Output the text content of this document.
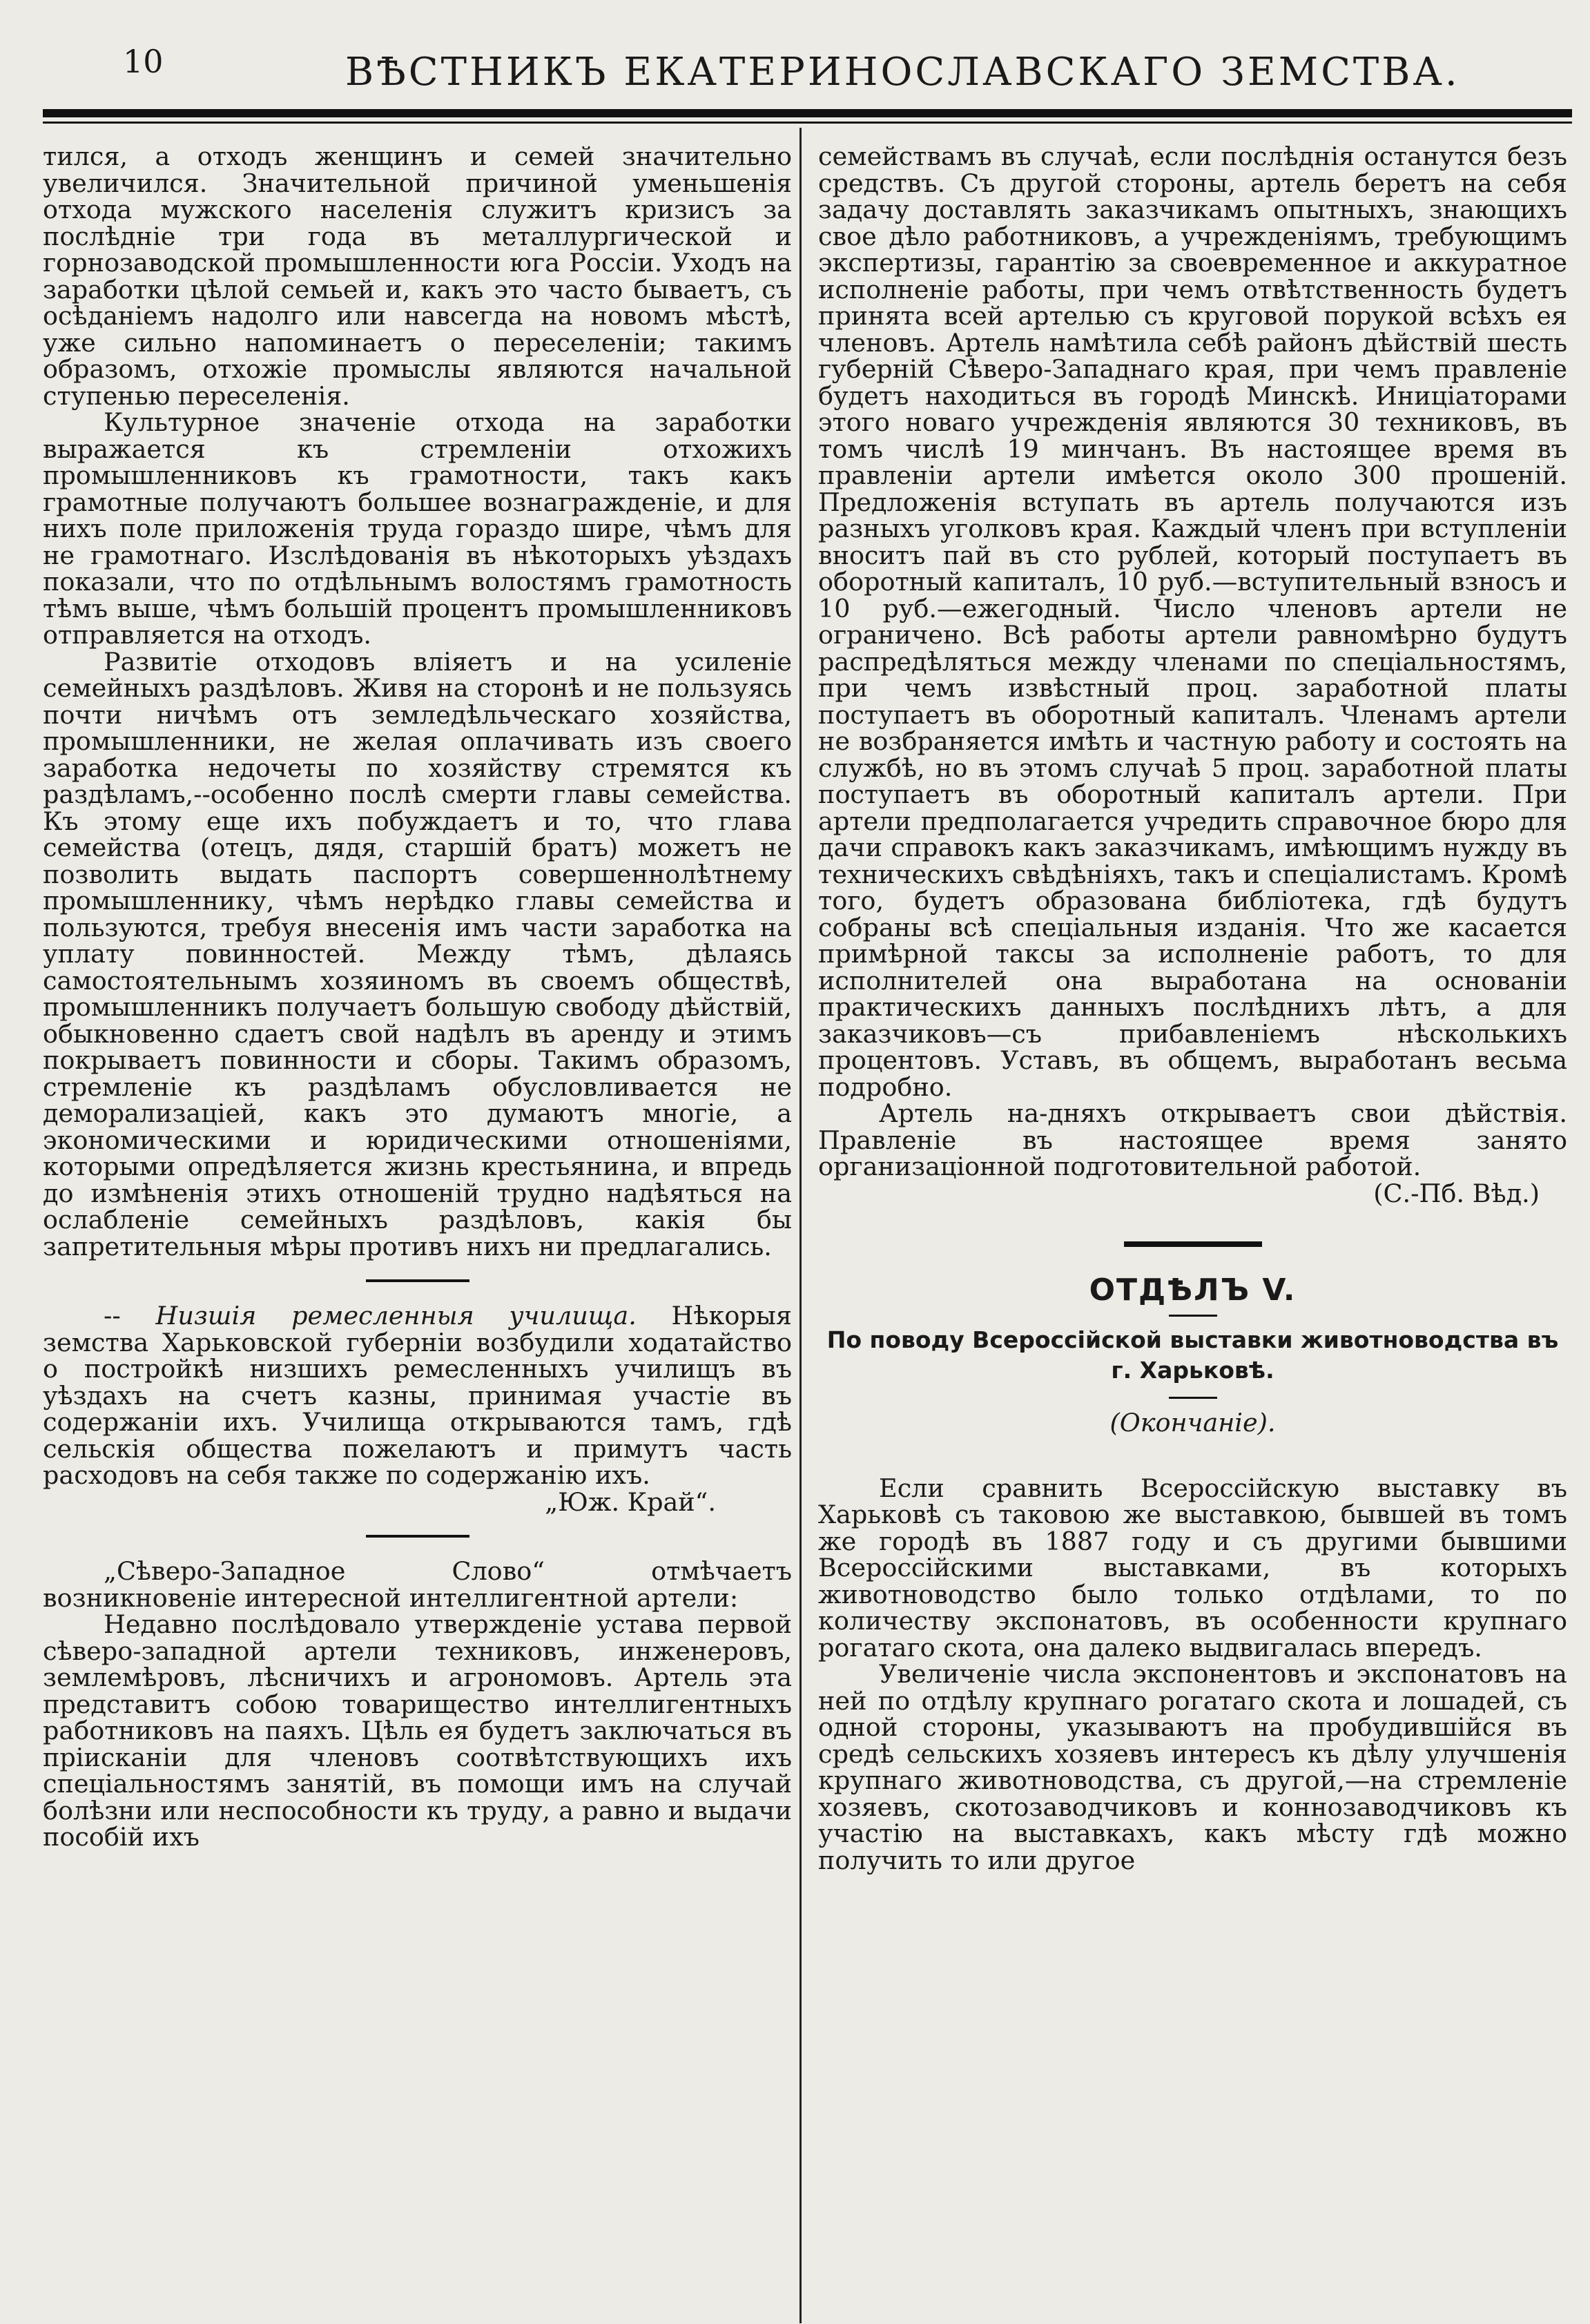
10	ВѢСТНИКЪ ЕКАТЕРИНОСЛАВСКАГО ЗЕМСТВА.

тился, а отходъ женщинъ и семей значительно увеличился. Значительной причиной уменьшенія отхода мужского населенія служитъ кризисъ за послѣдніе три года въ металлургической и горнозаводской промышленности юга Россіи. Уходъ на заработки цѣлой семьей и, какъ это часто бываетъ, съ осѣданіемъ надолго или навсегда на новомъ мѣстѣ, уже сильно напоминаетъ о переселеніи; такимъ образомъ, отхожіе промыслы являются начальной ступенью переселенія.

Культурное значеніе отхода на заработки выражается къ стремленіи отхожихъ промышленниковъ къ грамотности, такъ какъ грамотные получаютъ большее вознагражденіе, и для нихъ поле приложенія труда гораздо шире, чѣмъ для не грамотнаго. Изслѣдованія въ нѣкоторыхъ уѣздахъ показали, что по отдѣльнымъ волостямъ грамотность тѣмъ выше, чѣмъ большій процентъ промышленниковъ отправляется на отходъ.

Развитіе отходовъ вліяетъ и на усиленіе семейныхъ раздѣловъ. Живя на сторонѣ и не пользуясь почти ничѣмъ отъ земледѣльческаго хозяйства, промышленники, не желая оплачивать изъ своего заработка недочеты по хозяйству стремятся къ раздѣламъ,--особенно послѣ смерти главы семейства. Къ этому еще ихъ побуждаетъ и то, что глава семейства (отецъ, дядя, старшій братъ) можетъ не позволить выдать паспортъ совершеннолѣтнему промышленнику, чѣмъ нерѣдко главы семейства и пользуются, требуя внесенія имъ части заработка на уплату повинностей. Между тѣмъ, дѣлаясь самостоятельнымъ хозяиномъ въ своемъ обществѣ, промышленникъ получаетъ большую свободу дѣйствій, обыкновенно сдаетъ свой надѣлъ въ аренду и этимъ покрываетъ повинности и сборы. Такимъ образомъ, стремленіе къ раздѣламъ обусловливается не деморализаціей, какъ это думаютъ многіе, а экономическими и юридическими отношеніями, которыми опредѣляется жизнь крестьянина, и впредь до измѣненія этихъ отношеній трудно надѣяться на ослабленіе семейныхъ раздѣловъ, какія бы запретительныя мѣры противъ нихъ ни предлагались.

-- Низшія ремесленныя училища. Нѣкорыя земства Харьковской губерніи возбудили ходатайство о постройкѣ низшихъ ремесленныхъ училищъ въ уѣздахъ на счетъ казны, принимая участіе въ содержаніи ихъ. Училища открываются тамъ, гдѣ сельскія общества пожелаютъ и примутъ часть расходовъ на себя также по содержанію ихъ.

„Юж. Край“.

„Сѣверо-Западное Слово“ отмѣчаетъ возникновеніе интересной интеллигентной артели:

Недавно послѣдовало утвержденіе устава первой сѣверо-западной артели техниковъ, инженеровъ, землемѣровъ, лѣсничихъ и агрономовъ. Артель эта представитъ собою товарищество интеллигентныхъ работниковъ на паяхъ. Цѣль ея будетъ заключаться въ прiисканіи для членовъ соотвѣтствующихъ ихъ спеціальностямъ занятій, въ помощи имъ на случай болѣзни или неспособности къ труду, а равно и выдачи пособій ихъ

семействамъ въ случаѣ, если послѣднія останутся безъ средствъ. Съ другой стороны, артель беретъ на себя задачу доставлять заказчикамъ опытныхъ, знающихъ свое дѣло работниковъ, а учрежденіямъ, требующимъ экспертизы, гарантію за своевременное и аккуратное исполненіе работы, при чемъ отвѣтственность будетъ принята всей артелью съ круговой порукой всѣхъ ея членовъ. Артель намѣтила себѣ районъ дѣйствій шесть губерній Сѣверо-Западнаго края, при чемъ правленіе будетъ находиться въ городѣ Минскѣ. Иниціаторами этого новаго учрежденія являются 30 техниковъ, въ томъ числѣ 19 минчанъ. Въ настоящее время въ правленіи артели имѣется около 300 прошеній. Предложенія вступать въ артель получаются изъ разныхъ уголковъ края. Каждый членъ при вступленіи вноситъ пай въ сто рублей, который поступаетъ въ оборотный капиталъ, 10 руб.—вступительный взносъ и 10 руб.—ежегодный. Число членовъ артели не ограничено. Всѣ работы артели равномѣрно будутъ распредѣляться между членами по спеціальностямъ, при чемъ извѣстный проц. заработной платы поступаетъ въ оборотный капиталъ. Членамъ артели не возбраняется имѣть и частную работу и состоять на службѣ, но въ этомъ случаѣ 5 проц. заработной платы поступаетъ въ оборотный капиталъ артели. При артели предполагается учредить справочное бюро для дачи справокъ какъ заказчикамъ, имѣющимъ нужду въ техническихъ свѣдѣніяхъ, такъ и спеціалистамъ. Кромѣ того, будетъ образована библіотека, гдѣ будутъ собраны всѣ спеціальныя изданія. Что же касается примѣрной таксы за исполненіе работъ, то для исполнителей она выработана на основаніи практическихъ данныхъ послѣднихъ лѣтъ, а для заказчиковъ—съ прибавленіемъ нѣсколькихъ процентовъ. Уставъ, въ общемъ, выработанъ весьма подробно.

Артель на-дняхъ открываетъ свои дѣйствія. Правленіе въ настоящее время занято организаціонной подготовительной работой.

(С.-Пб. Вѣд.)

ОТДѢЛЪ V.
По поводу Всероссійской выставки животноводства въ г. Харьковѣ.
(Окончаніе).

Если сравнить Всероссійскую выставку въ Харьковѣ съ таковою же выставкою, бывшей въ томъ же городѣ въ 1887 году и съ другими бывшими Всероссійскими выставками, въ которыхъ животноводство было только отдѣлами, то по количеству экспонатовъ, въ особенности крупнаго рогатаго скота, она далеко выдвигалась впередъ.

Увеличеніе числа экспонентовъ и экспонатовъ на ней по отдѣлу крупнаго рогатаго скота и лошадей, съ одной стороны, указываютъ на пробудившійся въ средѣ сельскихъ хозяевъ интересъ къ дѣлу улучшенія крупнаго животноводства, съ другой,—на стремленіе хозяевъ, скотозаводчиковъ и коннозаводчиковъ къ участію на выставкахъ, какъ мѣсту гдѣ можно получить то или другое
